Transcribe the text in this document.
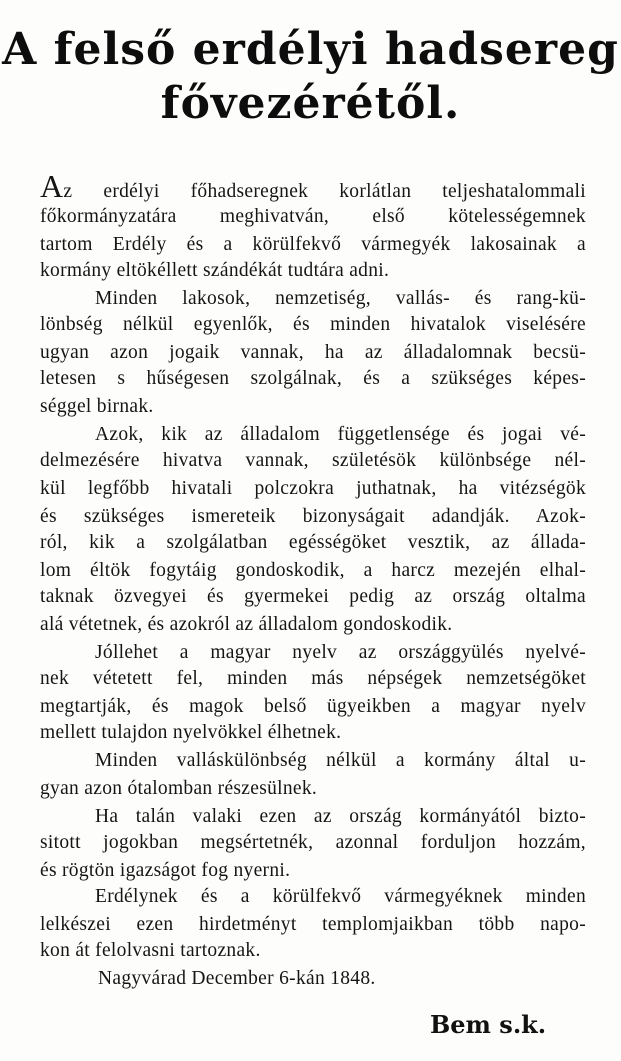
A felső erdélyi hadsereg
fővezérétől.
Az erdélyi főhadseregnek korlátlan teljeshatalommali
főkormányzatára meghivatván, első kötelességemnek
tartom Erdély és a körülfekvő vármegyék lakosainak a
kormány eltökéllett szándékát tudtára adni.
Minden lakosok, nemzetiség, vallás- és rang-kü-
lönbség nélkül egyenlők, és minden hivatalok viselésére
ugyan azon jogaik vannak, ha az álladalomnak becsü-
letesen s hűségesen szolgálnak, és a szükséges képes-
séggel birnak.
Azok, kik az álladalom függetlensége és jogai vé-
delmezésére hivatva vannak, születésök különbsége nél-
kül legfőbb hivatali polczokra juthatnak, ha vitézségök
és szükséges ismereteik bizonyságait adandják. Azok-
ról, kik a szolgálatban egésségöket vesztik, az állada-
lom éltök fogytáig gondoskodik, a harcz mezején elhal-
taknak özvegyei és gyermekei pedig az ország oltalma
alá vétetnek, és azokról az álladalom gondoskodik.
Jóllehet a magyar nyelv az országgyülés nyelvé-
nek vétetett fel, minden más népségek nemzetségöket
megtartják, és magok belső ügyeikben a magyar nyelv
mellett tulajdon nyelvökkel élhetnek.
Minden valláskülönbség nélkül a kormány által u-
gyan azon ótalomban részesülnek.
Ha talán valaki ezen az ország kormányától bizto-
sitott jogokban megsértetnék, azonnal forduljon hozzám,
és rögtön igazságot fog nyerni.
Erdélynek és a körülfekvő vármegyéknek minden
lelkészei ezen hirdetményt templomjaikban több napo-
kon át felolvasni tartoznak.
Nagyvárad December 6-kán 1848.
Bem s.k.
